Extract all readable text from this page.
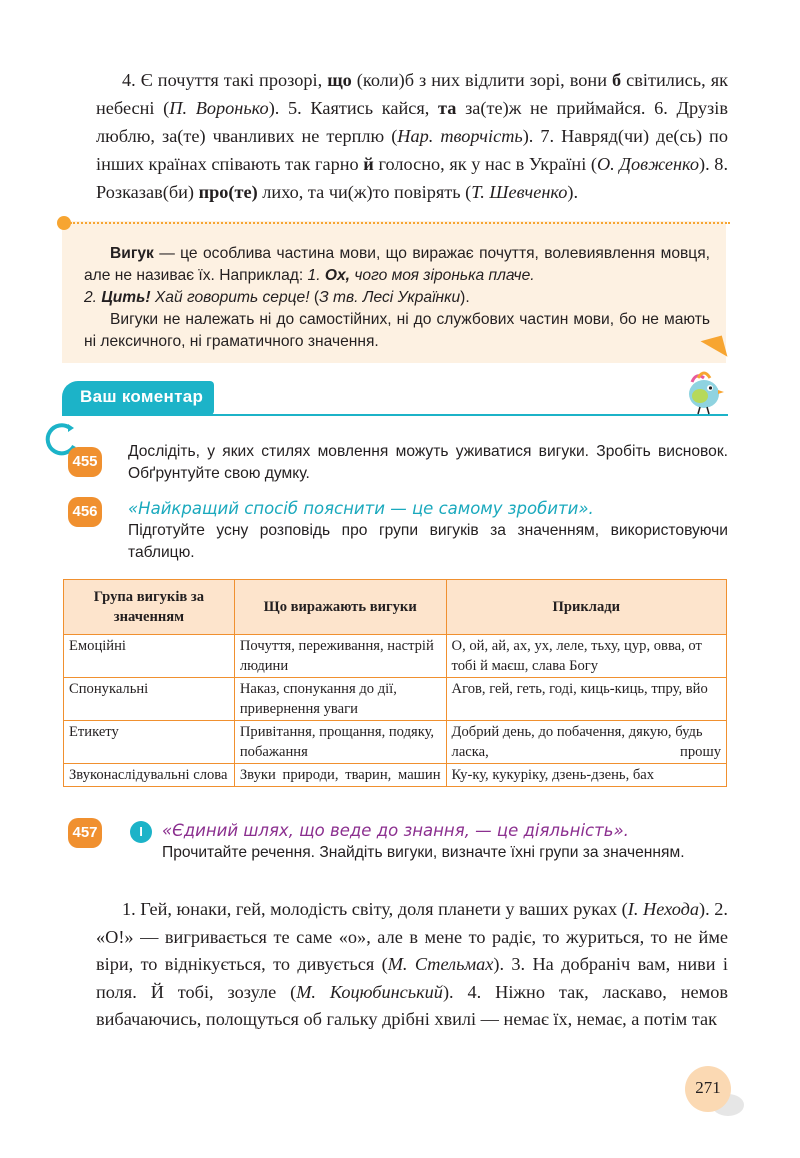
4. Є почуття такі прозорі, що (коли)б з них відлити зорі, вони б світились, як небесні (П. Воронько). 5. Каятись кайся, та за(те)ж не приймайся. 6. Друзів люблю, за(те) чванливих не терплю (Нар. творчість). 7. Навряд(чи) де(сь) по інших країнах співають так гарно й голосно, як у нас в Україні (О. Довженко). 8. Розказав(би) про(те) лихо, та чи(ж)то повірять (Т. Шевченко).

Вигук — це особлива частина мови, що виражає почуття, волевиявлення мовця, але не називає їх. Наприклад: 1. Ох, чого моя зіронька плаче.
2. Цить! Хай говорить серце! (З тв. Лесі Українки).

Вигуки не належать ні до самостійних, ні до службових частин мови, бо не мають ні лексичного, ні граматичного значення.

Ваш коментар
455
Дослідіть, у яких стилях мовлення можуть уживатися вигуки. Зробіть висновок. Обґрунтуйте свою думку.
456 «Найкращий спосіб пояснити — це самому зробити».
Підготуйте усну розповідь про групи вигуків за значенням, використовуючи таблицю.
Група вигуків за значенням	Що виражають вигуки	Приклади
Емоційні	Почуття, переживання, настрій людини	О, ой, ай, ах, ух, леле, тьху, цур, овва, от тобі й маєш, слава Богу
Спонукальні	Наказ, спонукання до дії, привернення уваги	Агов, гей, геть, годі, киць-киць, тпру, вйо
Етикету	Привітання, прощання, подяку, побажання	Добрий день, до побачення, дякую, будь ласка, прошу
Звуконаслідувальні слова	Звуки природи, тварин, машин	Ку-ку, кукуріку, дзень-дзень, бах
457	І	«Єдиний шлях, що веде до знання, — це діяльність».
Прочитайте речення. Знайдіть вигуки, визначте їхні групи за значенням.

1. Гей, юнаки, гей, молодість світу, доля планети у ваших руках (І. Нехода). 2. «О!» — вигривається те саме «о», але в мене то радіє, то журиться, то не йме віри, то віднікується, то дивується (М. Стельмах). 3. На добраніч вам, ниви і поля. Й тобі, зозуле (М. Коцюбинський). 4. Ніжно так, лаcкаво, немов вибачаючись, полощуться об гальку дрібні хвилі — немає їх, немає, а потім так

271
